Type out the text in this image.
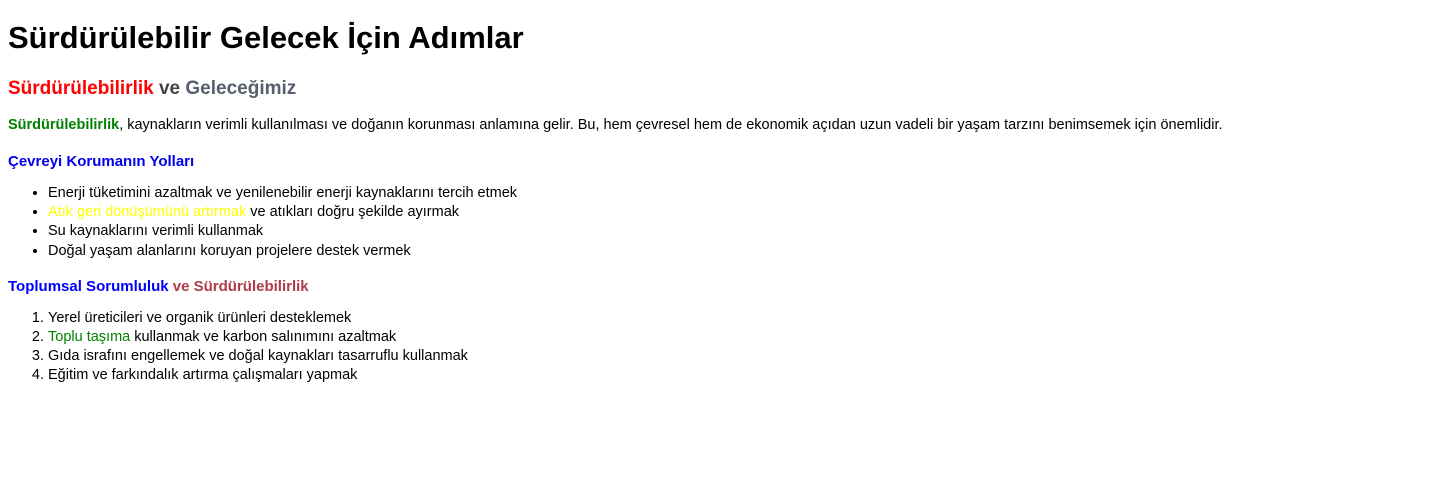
Sürdürülebilir Gelecek İçin Adımlar
Sürdürülebilirlik ve Geleceğimiz

Sürdürülebilirlik, kaynakların verimli kullanılması ve doğanın korunması anlamına gelir. Bu, hem çevresel hem de ekonomik açıdan uzun vadeli bir yaşam tarzını benimsemek için önemlidir.

Çevreyi Korumanın Yolları
• Enerji tüketimini azaltmak ve yenilenebilir enerji kaynaklarını tercih etmek
• Atık geri dönüşümünü artırmak ve atıkları doğru şekilde ayırmak
• Su kaynaklarını verimli kullanmak
• Doğal yaşam alanlarını koruyan projelere destek vermek
Toplumsal Sorumluluk ve Sürdürülebilirlik
1. Yerel üreticileri ve organik ürünleri desteklemek
2. Toplu taşıma kullanmak ve karbon salınımını azaltmak
3. Gıda israfını engellemek ve doğal kaynakları tasarruflu kullanmak
4. Eğitim ve farkındalık artırma çalışmaları yapmak
